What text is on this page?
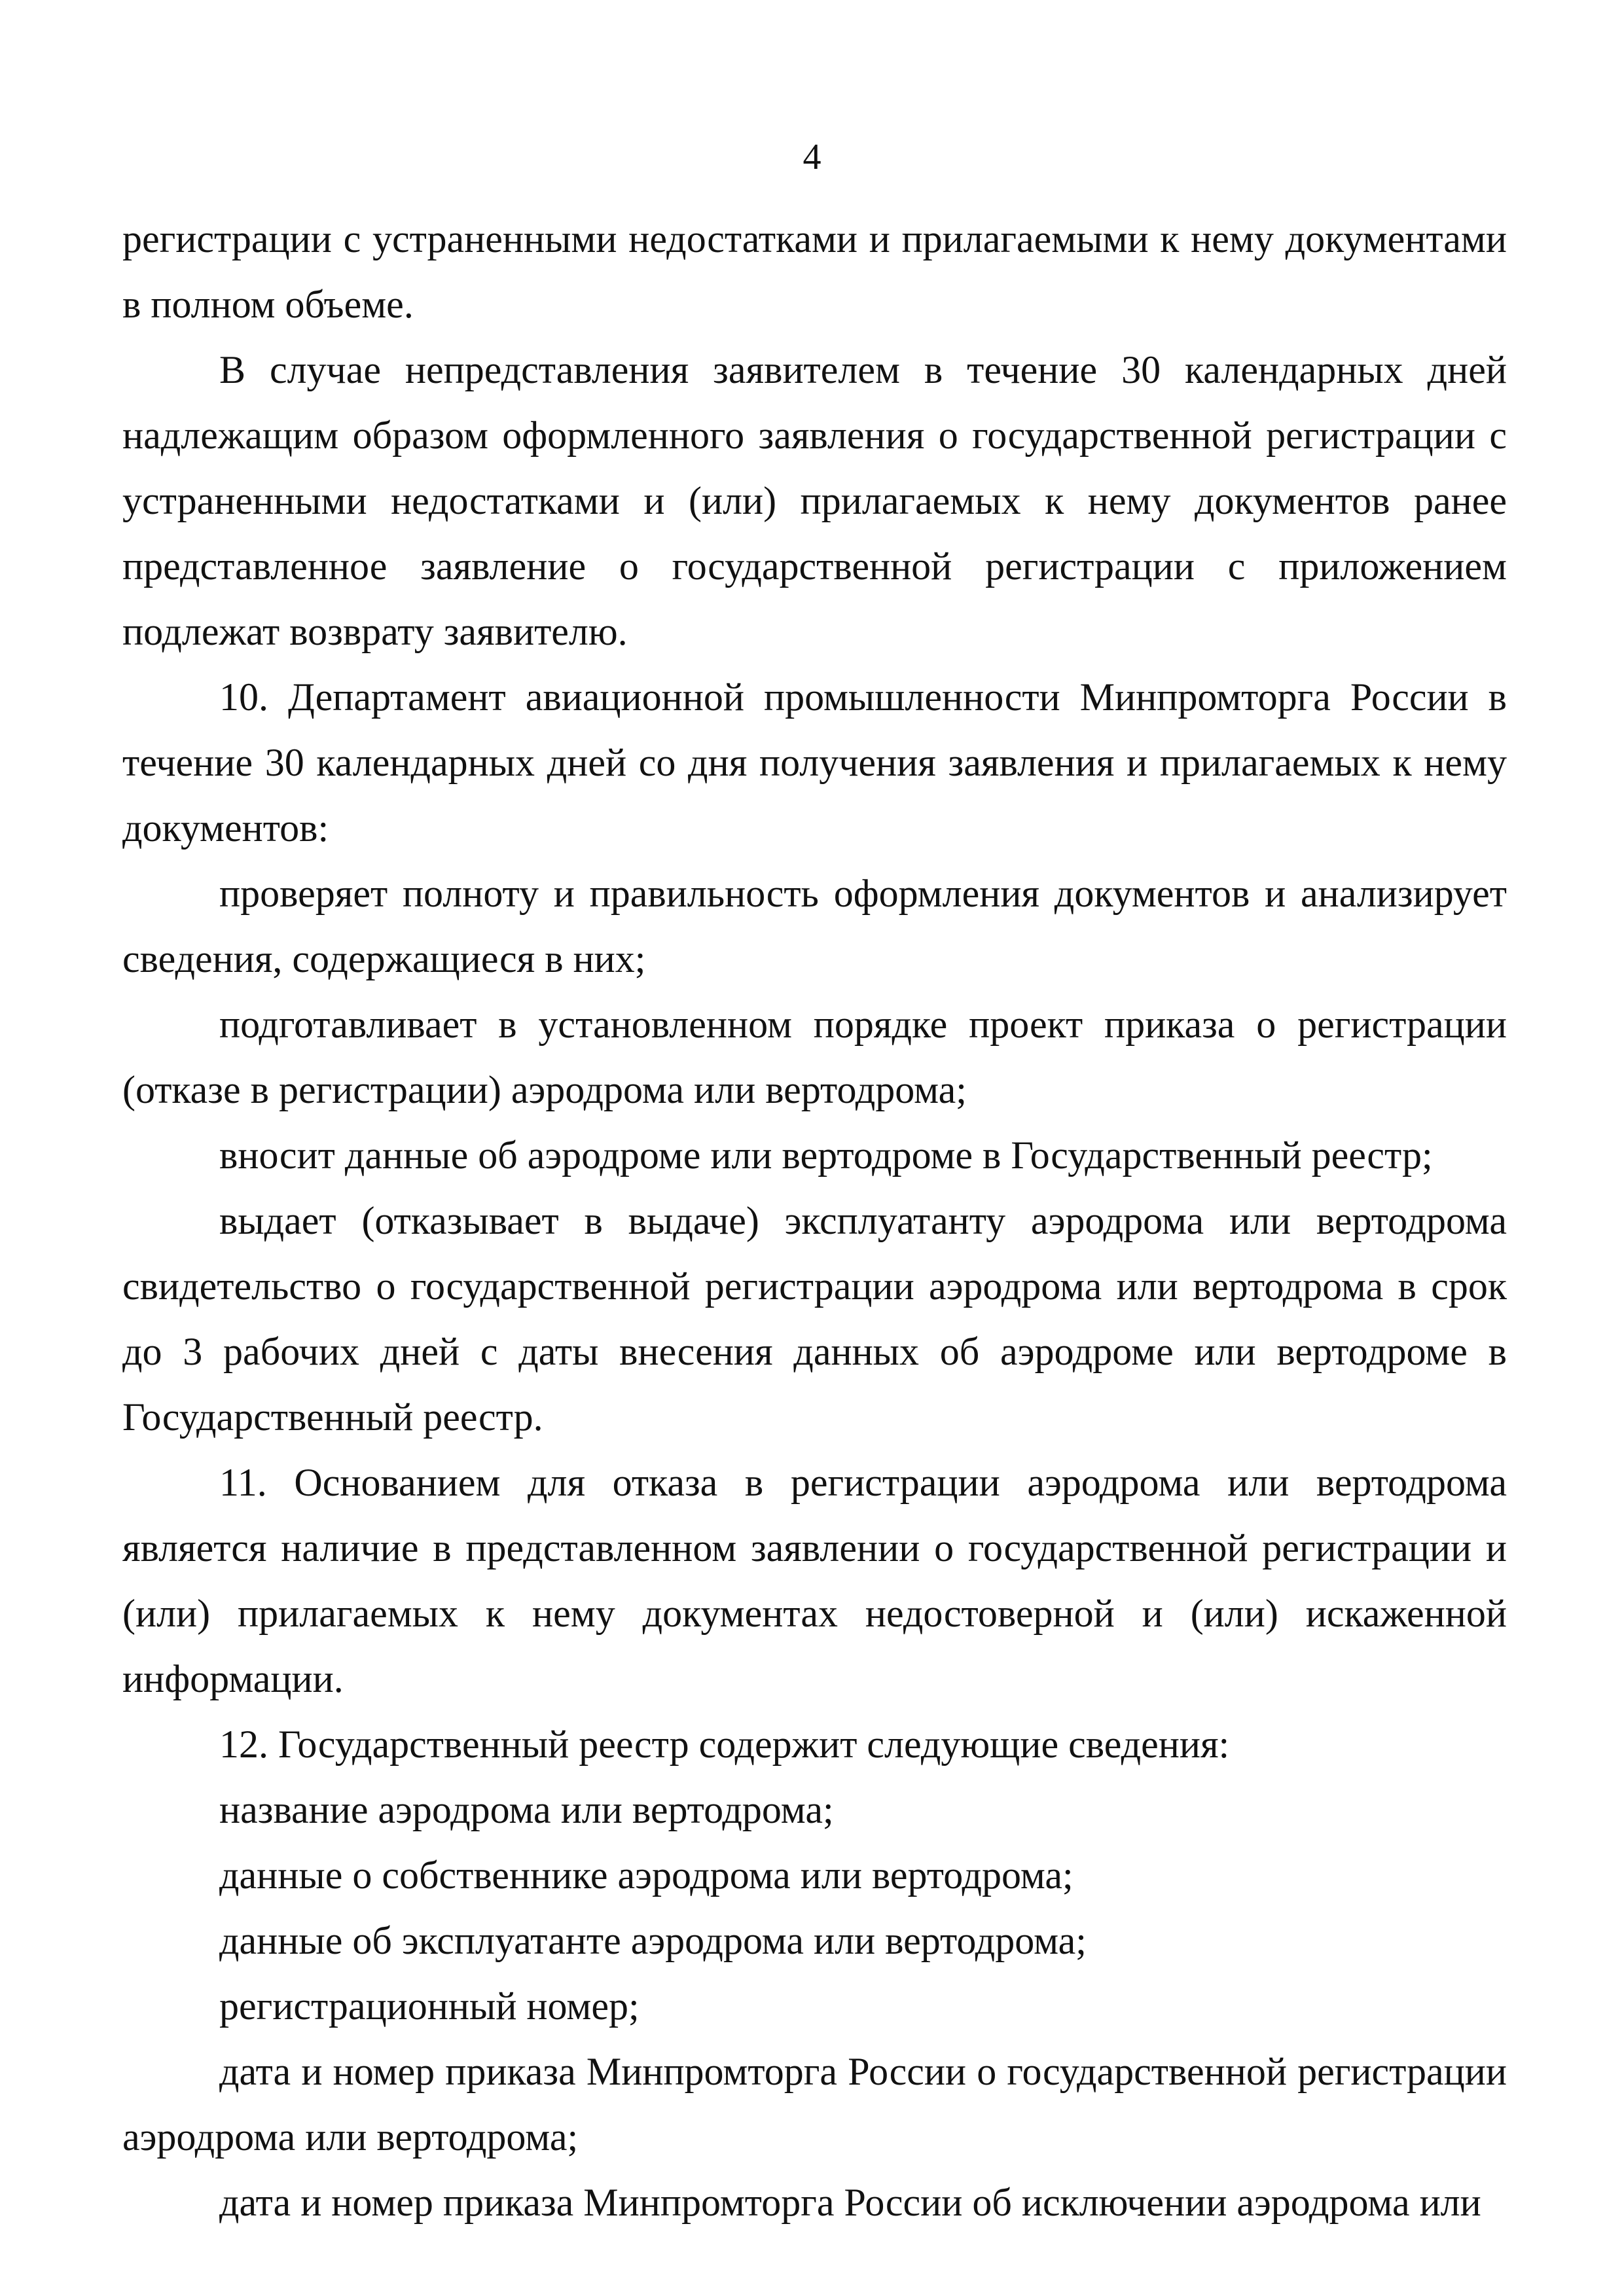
4

регистрации с устраненными недостатками и прилагаемыми к нему документами в полном объеме.

В случае непредставления заявителем в течение 30 календарных дней надлежащим образом оформленного заявления о государственной регистрации с устраненными недостатками и (или) прилагаемых к нему документов ранее представленное заявление о государственной регистрации с приложением подлежат возврату заявителю.

10. Департамент авиационной промышленности Минпромторга России в течение 30 календарных дней со дня получения заявления и прилагаемых к нему документов:

проверяет полноту и правильность оформления документов и анализирует сведения, содержащиеся в них;

подготавливает в установленном порядке проект приказа о регистрации (отказе в регистрации) аэродрома или вертодрома;

вносит данные об аэродроме или вертодроме в Государственный реестр;

выдает (отказывает в выдаче) эксплуатанту аэродрома или вертодрома свидетельство о государственной регистрации аэродрома или вертодрома в срок до 3 рабочих дней с даты внесения данных об аэродроме или вертодроме в Государственный реестр.

11. Основанием для отказа в регистрации аэродрома или вертодрома является наличие в представленном заявлении о государственной регистрации и (или) прилагаемых к нему документах недостоверной и (или) искаженной информации.

12. Государственный реестр содержит следующие сведения:

название аэродрома или вертодрома;

данные о собственнике аэродрома или вертодрома;

данные об эксплуатанте аэродрома или вертодрома;

регистрационный номер;

дата и номер приказа Минпромторга России о государственной регистрации аэродрома или вертодрома;

дата и номер приказа Минпромторга России об исключении аэродрома или
